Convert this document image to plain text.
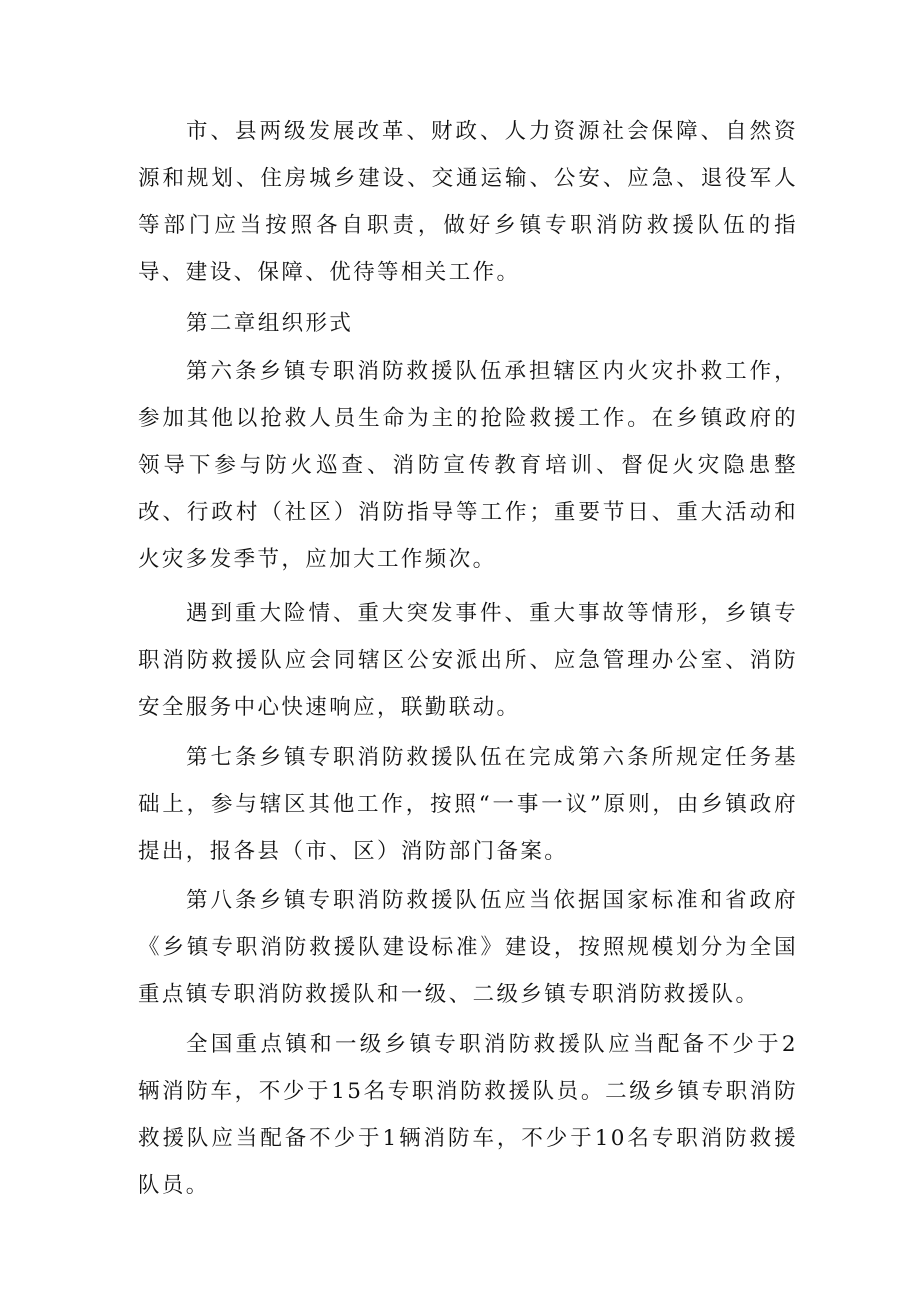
市、县两级发展改革、财政、人力资源社会保障、自然资源和规划、住房城乡建设、交通运输、公安、应急、退役军人等部门应当按照各自职责，做好乡镇专职消防救援队伍的指导、建设、保障、优待等相关工作。

第二章组织形式

第六条乡镇专职消防救援队伍承担辖区内火灾扑救工作，参加其他以抢救人员生命为主的抢险救援工作。在乡镇政府的领导下参与防火巡查、消防宣传教育培训、督促火灾隐患整改、行政村（社区）消防指导等工作；重要节日、重大活动和火灾多发季节，应加大工作频次。

遇到重大险情、重大突发事件、重大事故等情形，乡镇专职消防救援队应会同辖区公安派出所、应急管理办公室、消防安全服务中心快速响应，联勤联动。

第七条乡镇专职消防救援队伍在完成第六条所规定任务基础上，参与辖区其他工作，按照“一事一议”原则，由乡镇政府提出，报各县（市、区）消防部门备案。

第八条乡镇专职消防救援队伍应当依据国家标准和省政府《乡镇专职消防救援队建设标准》建设，按照规模划分为全国重点镇专职消防救援队和一级、二级乡镇专职消防救援队。

全国重点镇和一级乡镇专职消防救援队应当配备不少于2辆消防车，不少于15名专职消防救援队员。二级乡镇专职消防救援队应当配备不少于1辆消防车，不少于10名专职消防救援队员。
